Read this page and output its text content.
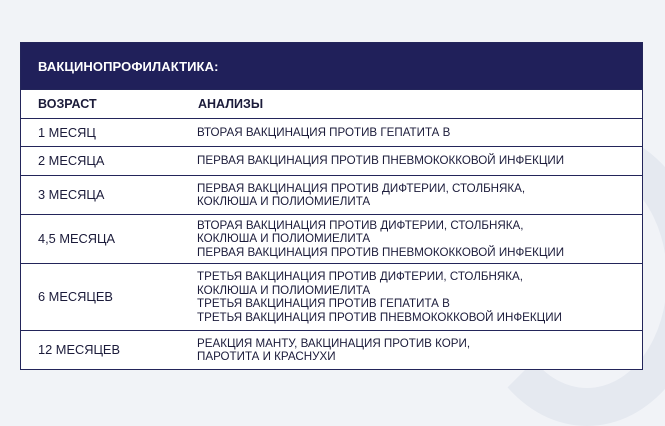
ВАКЦИНОПРОФИЛАКТИКА:
ВОЗРАСТ	АНАЛИЗЫ
1 МЕСЯЦ	ВТОРАЯ ВАКЦИНАЦИЯ ПРОТИВ ГЕПАТИТА В

2 МЕСЯЦА	ПЕРВАЯ ВАКЦИНАЦИЯ ПРОТИВ ПНЕВМОКОККОВОЙ ИНФЕКЦИИ

3 МЕСЯЦА	ПЕРВАЯ ВАКЦИНАЦИЯ ПРОТИВ ДИФТЕРИИ, СТОЛБНЯКА,
КОКЛЮША И ПОЛИОМИЕЛИТА

4,5 МЕСЯЦА	ВТОРАЯ ВАКЦИНАЦИЯ ПРОТИВ ДИФТЕРИИ, СТОЛБНЯКА,
КОКЛЮША И ПОЛИОМИЕЛИТА
ПЕРВАЯ ВАКЦИНАЦИЯ ПРОТИВ ПНЕВМОКОККОВОЙ ИНФЕКЦИИ

6 МЕСЯЦЕВ	ТРЕТЬЯ ВАКЦИНАЦИЯ ПРОТИВ ДИФТЕРИИ, СТОЛБНЯКА,
КОКЛЮША И ПОЛИОМИЕЛИТА
ТРЕТЬЯ ВАКЦИНАЦИЯ ПРОТИВ ГЕПАТИТА В
ТРЕТЬЯ ВАКЦИНАЦИЯ ПРОТИВ ПНЕВМОКОККОВОЙ ИНФЕКЦИИ

12 МЕСЯЦЕВ	РЕАКЦИЯ МАНТУ, ВАКЦИНАЦИЯ ПРОТИВ КОРИ,
ПАРОТИТА И КРАСНУХИ
